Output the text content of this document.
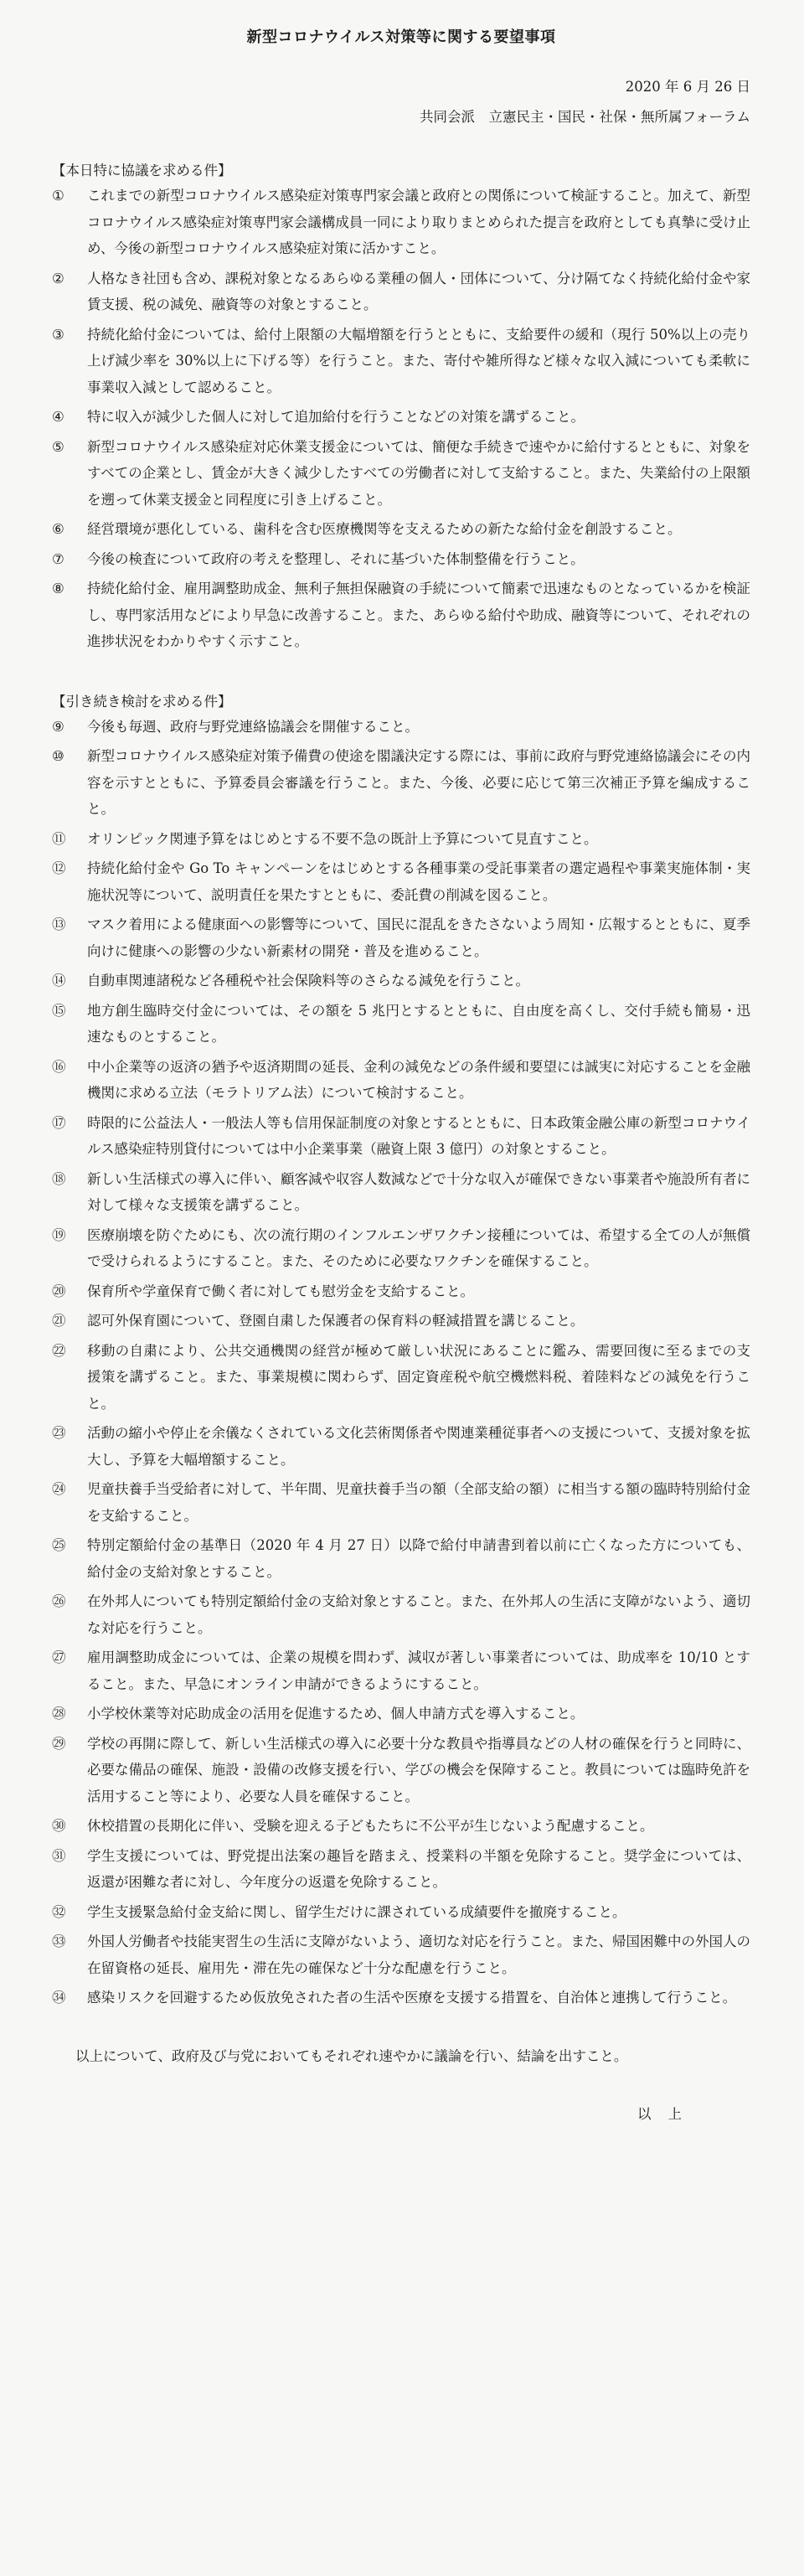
新型コロナウイルス対策等に関する要望事項
2020 年 6 月 26 日
共同会派　立憲民主・国民・社保・無所属フォーラム
【本日特に協議を求める件】
①	これまでの新型コロナウイルス感染症対策専門家会議と政府との関係について検証すること。加えて、新型コロナウイルス感染症対策専門家会議構成員一同により取りまとめられた提言を政府としても真摯に受け止め、今後の新型コロナウイルス感染症対策に活かすこと。
②	人格なき社団も含め、課税対象となるあらゆる業種の個人・団体について、分け隔てなく持続化給付金や家賃支援、税の減免、融資等の対象とすること。
③	持続化給付金については、給付上限額の大幅増額を行うとともに、支給要件の緩和（現行 50%以上の売り上げ減少率を 30%以上に下げる等）を行うこと。また、寄付や雑所得など様々な収入減についても柔軟に事業収入減として認めること。
④	特に収入が減少した個人に対して追加給付を行うことなどの対策を講ずること。
⑤	新型コロナウイルス感染症対応休業支援金については、簡便な手続きで速やかに給付するとともに、対象をすべての企業とし、賃金が大きく減少したすべての労働者に対して支給すること。また、失業給付の上限額を遡って休業支援金と同程度に引き上げること。
⑥	経営環境が悪化している、歯科を含む医療機関等を支えるための新たな給付金を創設すること。
⑦	今後の検査について政府の考えを整理し、それに基づいた体制整備を行うこと。
⑧	持続化給付金、雇用調整助成金、無利子無担保融資の手続について簡素で迅速なものとなっているかを検証し、専門家活用などにより早急に改善すること。また、あらゆる給付や助成、融資等について、それぞれの進捗状況をわかりやすく示すこと。
【引き続き検討を求める件】
⑨	今後も毎週、政府与野党連絡協議会を開催すること。
⑩	新型コロナウイルス感染症対策予備費の使途を閣議決定する際には、事前に政府与野党連絡協議会にその内容を示すとともに、予算委員会審議を行うこと。また、今後、必要に応じて第三次補正予算を編成すること。
⑪	オリンピック関連予算をはじめとする不要不急の既計上予算について見直すこと。
⑫	持続化給付金や Go To キャンペーンをはじめとする各種事業の受託事業者の選定過程や事業実施体制・実施状況等について、説明責任を果たすとともに、委託費の削減を図ること。
⑬	マスク着用による健康面への影響等について、国民に混乱をきたさないよう周知・広報するとともに、夏季向けに健康への影響の少ない新素材の開発・普及を進めること。
⑭	自動車関連諸税など各種税や社会保険料等のさらなる減免を行うこと。
⑮	地方創生臨時交付金については、その額を 5 兆円とするとともに、自由度を高くし、交付手続も簡易・迅速なものとすること。
⑯	中小企業等の返済の猶予や返済期間の延長、金利の減免などの条件緩和要望には誠実に対応することを金融機関に求める立法（モラトリアム法）について検討すること。
⑰	時限的に公益法人・一般法人等も信用保証制度の対象とするとともに、日本政策金融公庫の新型コロナウイルス感染症特別貸付については中小企業事業（融資上限 3 億円）の対象とすること。
⑱	新しい生活様式の導入に伴い、顧客減や収容人数減などで十分な収入が確保できない事業者や施設所有者に対して様々な支援策を講ずること。
⑲	医療崩壊を防ぐためにも、次の流行期のインフルエンザワクチン接種については、希望する全ての人が無償で受けられるようにすること。また、そのために必要なワクチンを確保すること。
⑳	保育所や学童保育で働く者に対しても慰労金を支給すること。
㉑	認可外保育園について、登園自粛した保護者の保育料の軽減措置を講じること。
㉒	移動の自粛により、公共交通機関の経営が極めて厳しい状況にあることに鑑み、需要回復に至るまでの支援策を講ずること。また、事業規模に関わらず、固定資産税や航空機燃料税、着陸料などの減免を行うこと。
㉓	活動の縮小や停止を余儀なくされている文化芸術関係者や関連業種従事者への支援について、支援対象を拡大し、予算を大幅増額すること。
㉔	児童扶養手当受給者に対して、半年間、児童扶養手当の額（全部支給の額）に相当する額の臨時特別給付金を支給すること。
㉕	特別定額給付金の基準日（2020 年 4 月 27 日）以降で給付申請書到着以前に亡くなった方についても、給付金の支給対象とすること。
㉖	在外邦人についても特別定額給付金の支給対象とすること。また、在外邦人の生活に支障がないよう、適切な対応を行うこと。
㉗	雇用調整助成金については、企業の規模を問わず、減収が著しい事業者については、助成率を 10/10 とすること。また、早急にオンライン申請ができるようにすること。
㉘	小学校休業等対応助成金の活用を促進するため、個人申請方式を導入すること。
㉙	学校の再開に際して、新しい生活様式の導入に必要十分な教員や指導員などの人材の確保を行うと同時に、必要な備品の確保、施設・設備の改修支援を行い、学びの機会を保障すること。教員については臨時免許を活用すること等により、必要な人員を確保すること。
㉚	休校措置の長期化に伴い、受験を迎える子どもたちに不公平が生じないよう配慮すること。
㉛	学生支援については、野党提出法案の趣旨を踏まえ、授業料の半額を免除すること。奨学金については、返還が困難な者に対し、今年度分の返還を免除すること。
㉜	学生支援緊急給付金支給に関し、留学生だけに課されている成績要件を撤廃すること。
㉝	外国人労働者や技能実習生の生活に支障がないよう、適切な対応を行うこと。また、帰国困難中の外国人の在留資格の延長、雇用先・滞在先の確保など十分な配慮を行うこと。
㉞	感染リスクを回避するため仮放免された者の生活や医療を支援する措置を、自治体と連携して行うこと。

以上について、政府及び与党においてもそれぞれ速やかに議論を行い、結論を出すこと。

以上
